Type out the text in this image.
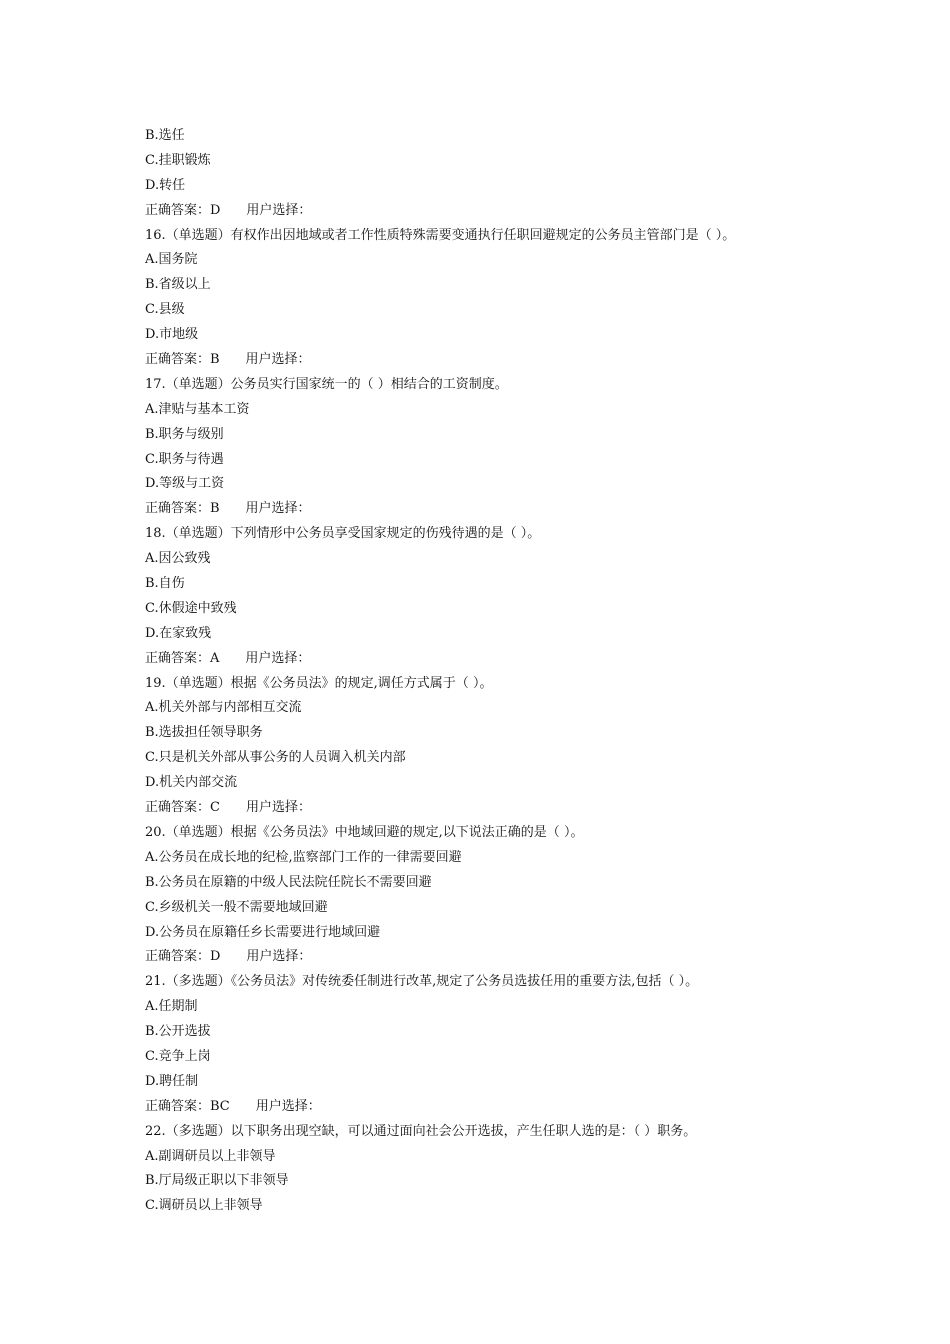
B.选任
C.挂职锻炼
D.转任
正确答案：D　　用户选择：
16.（单选题）有权作出因地域或者工作性质特殊需要变通执行任职回避规定的公务员主管部门是（ ）。
A.国务院
B.省级以上
C.县级
D.市地级
正确答案：B　　用户选择：
17.（单选题）公务员实行国家统一的（ ）相结合的工资制度。
A.津贴与基本工资
B.职务与级别
C.职务与待遇
D.等级与工资
正确答案：B　　用户选择：
18.（单选题）下列情形中公务员享受国家规定的伤残待遇的是（ ）。
A.因公致残
B.自伤
C.休假途中致残
D.在家致残
正确答案：A　　用户选择：
19.（单选题）根据《公务员法》的规定,调任方式属于（ ）。
A.机关外部与内部相互交流
B.选拔担任领导职务
C.只是机关外部从事公务的人员调入机关内部
D.机关内部交流
正确答案：C　　用户选择：
20.（单选题）根据《公务员法》中地域回避的规定,以下说法正确的是（ ）。
A.公务员在成长地的纪检,监察部门工作的一律需要回避
B.公务员在原籍的中级人民法院任院长不需要回避
C.乡级机关一般不需要地域回避
D.公务员在原籍任乡长需要进行地域回避
正确答案：D　　用户选择：
21.（多选题）《公务员法》对传统委任制进行改革,规定了公务员选拔任用的重要方法,包括（ ）。
A.任期制
B.公开选拔
C.竞争上岗
D.聘任制
正确答案：BC　　用户选择：
22.（多选题）以下职务出现空缺，可以通过面向社会公开选拔，产生任职人选的是：（ ）职务。
A.副调研员以上非领导
B.厅局级正职以下非领导
C.调研员以上非领导
